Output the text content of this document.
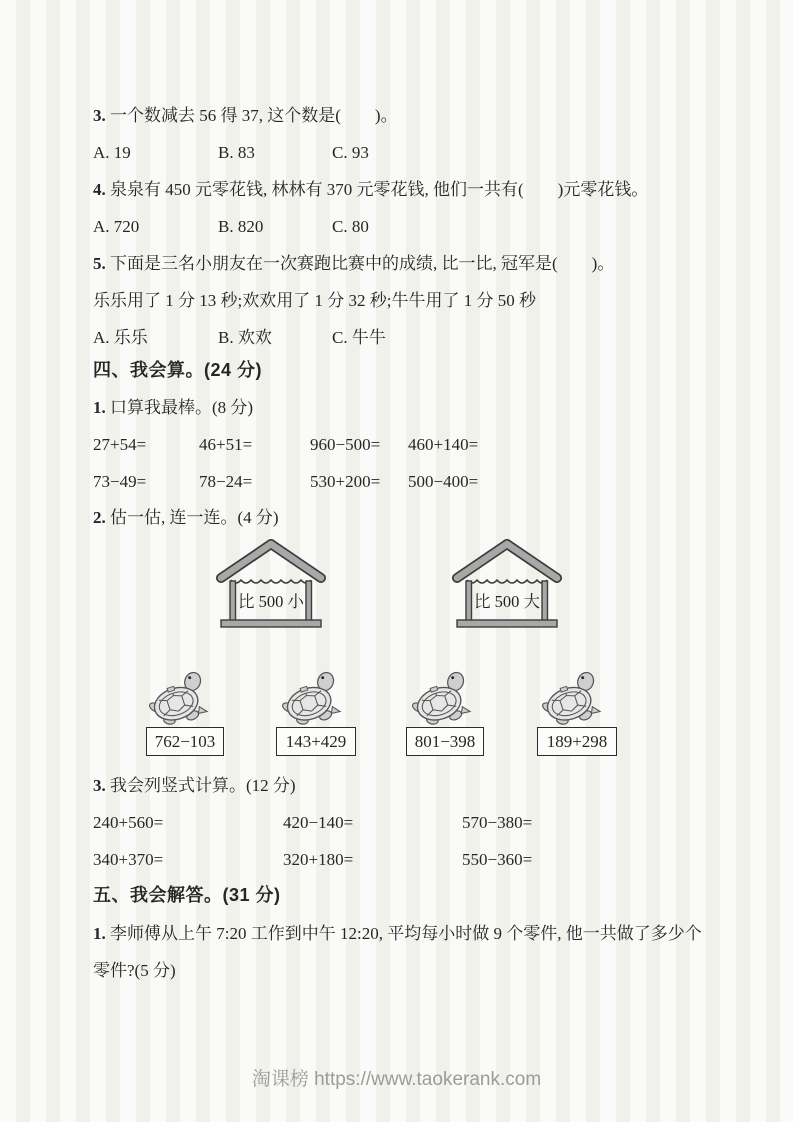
3. 一个数减去 56 得 37, 这个数是(　　)。
A. 19	B. 83	C. 93
4. 泉泉有 450 元零花钱, 林林有 370 元零花钱, 他们一共有(　　)元零花钱。
A. 720	B. 820	C. 80
5. 下面是三名小朋友在一次赛跑比赛中的成绩, 比一比, 冠军是(　　)。
乐乐用了 1 分 13 秒;欢欢用了 1 分 32 秒;牛牛用了 1 分 50 秒
A. 乐乐	B. 欢欢	C. 牛牛
四、我会算。(24 分)
1. 口算我最棒。(8 分)
27+54=	46+51=	960−500= 460+140=
73−49=	78−24=	530+200= 500−400=
2. 估一估, 连一连。(4 分)
比 500 小	比 500 大
762−103	143+429	801−398	189+298
3. 我会列竖式计算。(12 分)
240+560=	420−140=	570−380=
340+370=	320+180=	550−360=
五、我会解答。(31 分)
1. 李师傅从上午 7:20 工作到中午 12:20, 平均每小时做 9 个零件, 他一共做了多少个零件?(5 分)
淘课榜 https://www.taokerank.com
